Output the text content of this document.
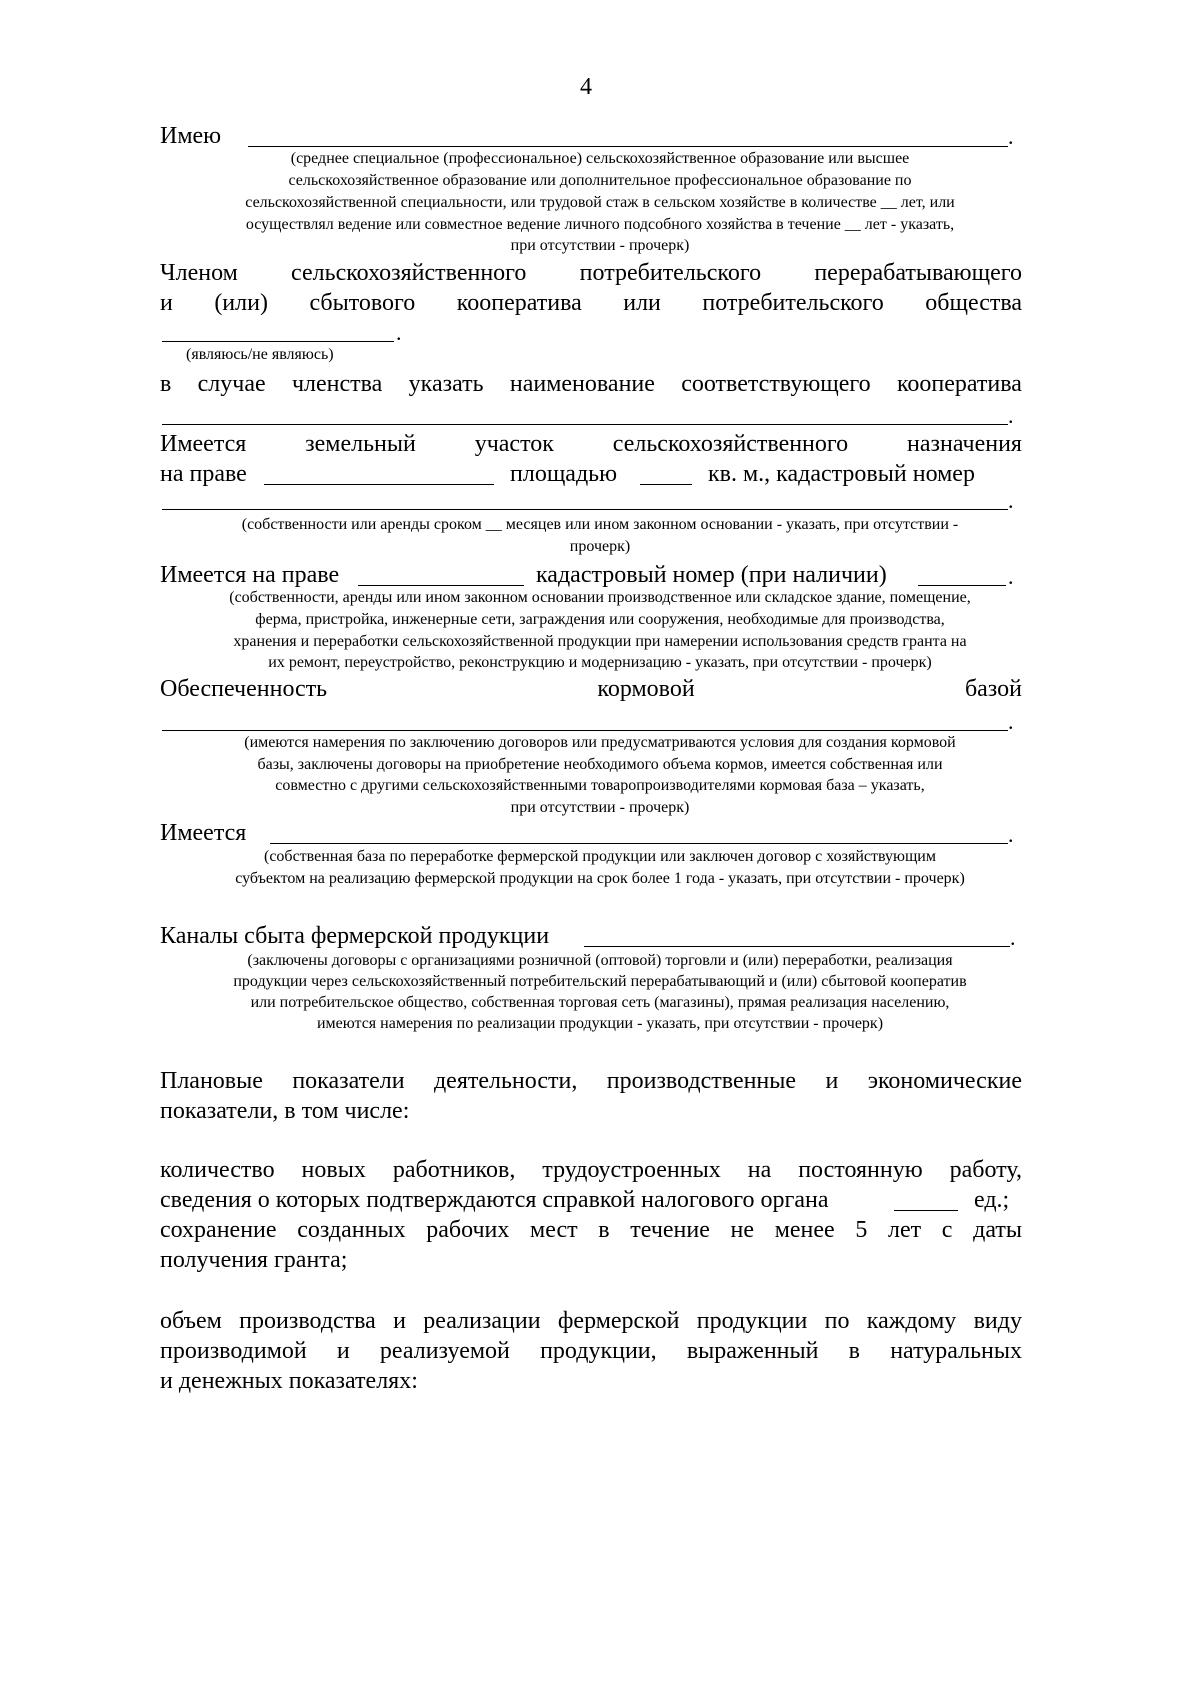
4
Имею	.
(среднее специальное (профессиональное) сельскохозяйственное образование или высшее
сельскохозяйственное образование или дополнительное профессиональное образование по
сельскохозяйственной специальности, или трудовой стаж в сельском хозяйстве в количестве __ лет, или
осуществлял ведение или совместное ведение личного подсобного хозяйства в течение __ лет - указать,
при отсутствии - прочерк)
Членом сельскохозяйственного потребительского перерабатывающего
и (или) сбытового кооператива или потребительского общества
.
(являюсь/не являюсь)
в случае членства указать наименование соответствующего кооператива
.
Имеется земельный участок сельскохозяйственного назначения
на праве	площадью	кв. м., кадастровый номер
.
(собственности или аренды сроком __ месяцев или ином законном основании - указать, при отсутствии -
прочерк)
Имеется на праве	кадастровый номер (при наличии)	.
(собственности, аренды или ином законном основании производственное или складское здание, помещение,
ферма, пристройка, инженерные сети, заграждения или сооружения, необходимые для производства,
хранения и переработки сельскохозяйственной продукции при намерении использования средств гранта на
их ремонт, переустройство, реконструкцию и модернизацию - указать, при отсутствии - прочерк)
Обеспеченность	кормовой	базой
.
(имеются намерения по заключению договоров или предусматриваются условия для создания кормовой
базы, заключены договоры на приобретение необходимого объема кормов, имеется собственная или
совместно с другими сельскохозяйственными товаропроизводителями кормовая база – указать,
при отсутствии - прочерк)
Имеется	.
(собственная база по переработке фермерской продукции или заключен договор с хозяйствующим
субъектом на реализацию фермерской продукции на срок более 1 года - указать, при отсутствии - прочерк)
Каналы сбыта фермерской продукции	.
(заключены договоры с организациями розничной (оптовой) торговли и (или) переработки, реализация
продукции через сельскохозяйственный потребительский перерабатывающий и (или) сбытовой кооператив
или потребительское общество, собственная торговая сеть (магазины), прямая реализация населению,
имеются намерения по реализации продукции - указать, при отсутствии - прочерк)
Плановые показатели деятельности, производственные и экономические
показатели, в том числе:
количество новых работников, трудоустроенных на постоянную работу,
сведения о которых подтверждаются справкой налогового органа	ед.;
сохранение созданных рабочих мест в течение не менее 5 лет с даты
получения гранта;
объем производства и реализации фермерской продукции по каждому виду
производимой и реализуемой продукции, выраженный в натуральных
и денежных показателях:
